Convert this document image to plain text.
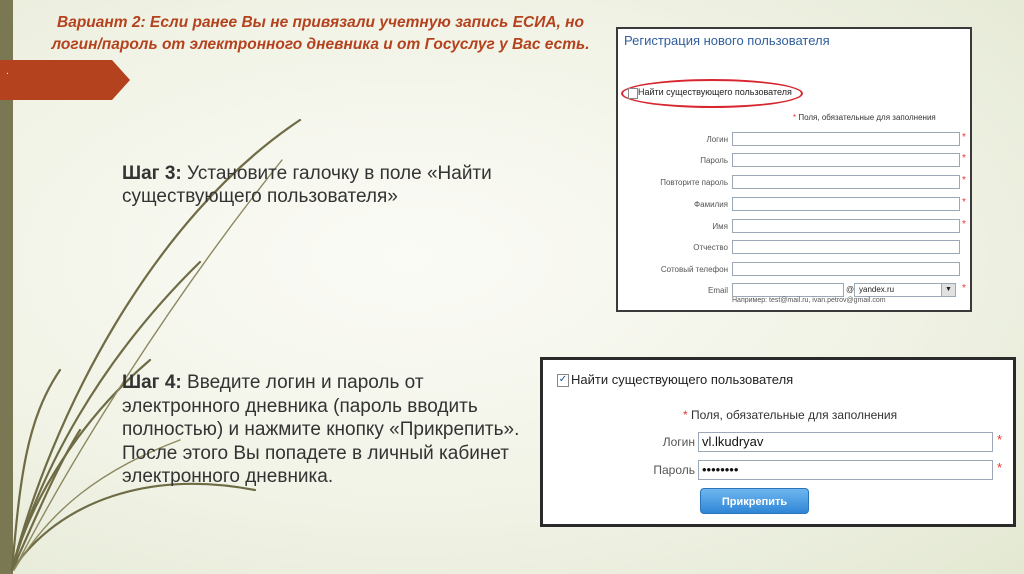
.
Вариант 2: Если ранее Вы не привязали учетную запись ЕСИА, но
логин/пароль от электронного дневника и от Госуслуг у Вас есть.
Шаг 3: Установите галочку в поле «Найти существующего пользователя»
Шаг 4: Введите логин и пароль от электронного дневника (пароль вводить полностью) и нажмите кнопку «Прикрепить». После этого Вы попадете в личный кабинет электронного дневника.
Регистрация нового пользователя
Найти существующего пользователя
* Поля, обязательные для заполнения
Логин	*
Пароль	*
Повторите пароль	*
Фамилия	*
Имя	*
Отчество
Сотовый телефон
Email	@ yandex.ru	▼	*
Например: test@mail.ru, ivan.petrov@gmail.com
✓ Найти существующего пользователя
* Поля, обязательные для заполнения
Логин vl.lkudryav	*
Пароль ••••••••	*
Прикрепить
